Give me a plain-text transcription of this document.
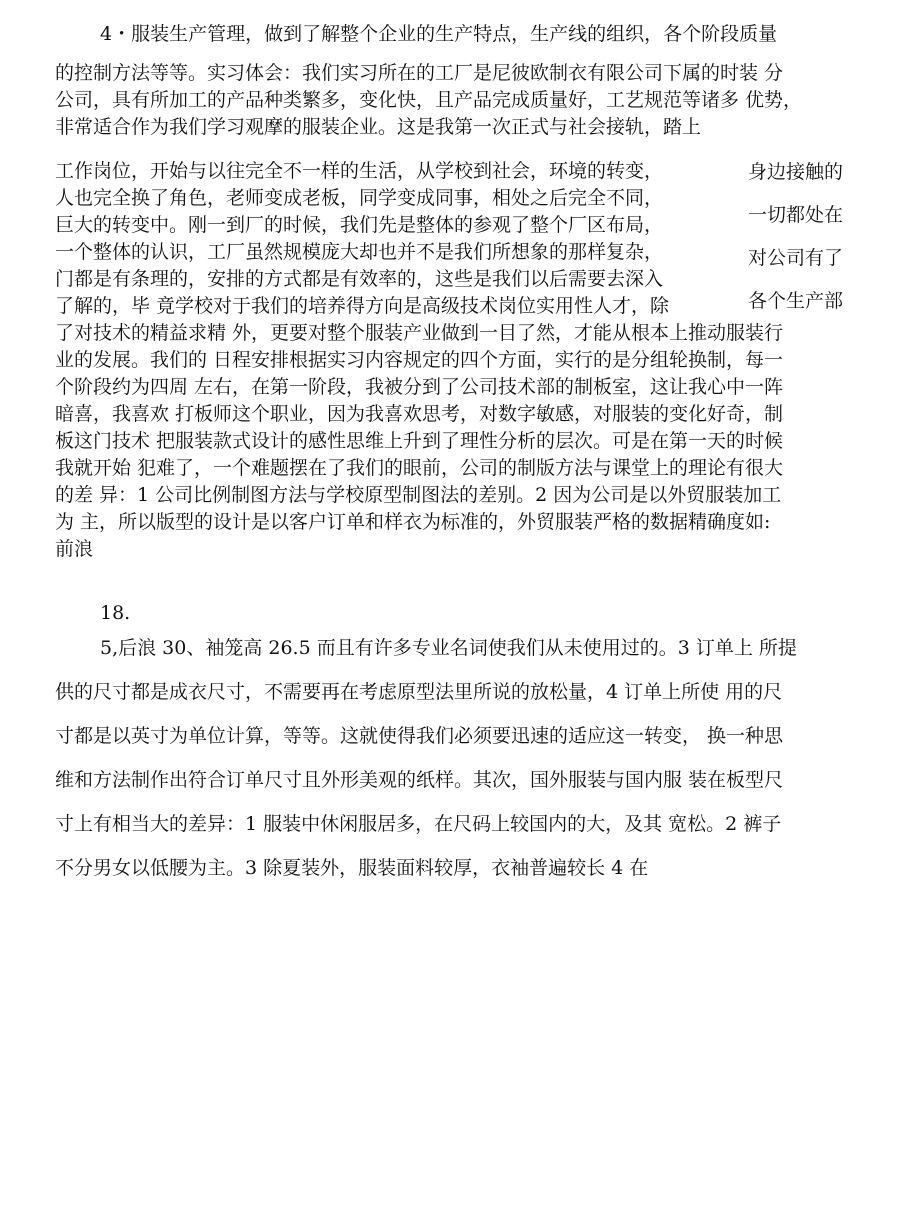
4・服装生产管理，做到了解整个企业的生产特点，生产线的组织，各个阶段质量

的控制方法等等。实习体会：我们实习所在的工厂是尼彼欧制衣有限公司下属的时装 分
公司，具有所加工的产品种类繁多，变化快，且产品完成质量好，工艺规范等诸多 优势，
非常适合作为我们学习观摩的服装企业。这是我第一次正式与社会接轨，踏上
工作岗位，开始与以往完全不一样的生活，从学校到社会，环境的转变，
人也完全换了角色，老师变成老板，同学变成同事，相处之后完全不同，
巨大的转变中。刚一到厂的时候，我们先是整体的参观了整个厂区布局，
一个整体的认识，工厂虽然规模庞大却也并不是我们所想象的那样复杂，
门都是有条理的，安排的方式都是有效率的，这些是我们以后需要去深入
了解的，毕 竟学校对于我们的培养得方向是高级技术岗位实用性人才，除
了对技术的精益求精 外，更要对整个服装产业做到一目了然，才能从根本上推动服装行
业的发展。我们的 日程安排根据实习内容规定的四个方面，实行的是分组轮换制，每一
个阶段约为四周 左右，在第一阶段，我被分到了公司技术部的制板室，这让我心中一阵
暗喜，我喜欢 打板师这个职业，因为我喜欢思考，对数字敏感，对服装的变化好奇，制
板这门技术 把服装款式设计的感性思维上升到了理性分析的层次。可是在第一天的时候
我就开始 犯难了，一个难题摆在了我们的眼前，公司的制版方法与课堂上的理论有很大
的差 异：1 公司比例制图方法与学校原型制图法的差别。2 因为公司是以外贸服装加工
为 主，所以版型的设计是以客户订单和样衣为标准的，外贸服装严格的数据精确度如:
前浪
身边接触的
一切都处在
对公司有了
各个生产部
18.
5,后浪 30、袖笼高 26.5 而且有许多专业名词使我们从未使用过的。3 订单上 所提
供的尺寸都是成衣尺寸，不需要再在考虑原型法里所说的放松量，4 订单上所使 用的尺
寸都是以英寸为单位计算，等等。这就使得我们必须要迅速的适应这一转变， 换一种思
维和方法制作出符合订单尺寸且外形美观的纸样。其次，国外服装与国内服 装在板型尺
寸上有相当大的差异：1 服装中休闲服居多，在尺码上较国内的大，及其 宽松。2 裤子
不分男女以低腰为主。3 除夏装外，服装面料较厚，衣袖普遍较长 4 在
